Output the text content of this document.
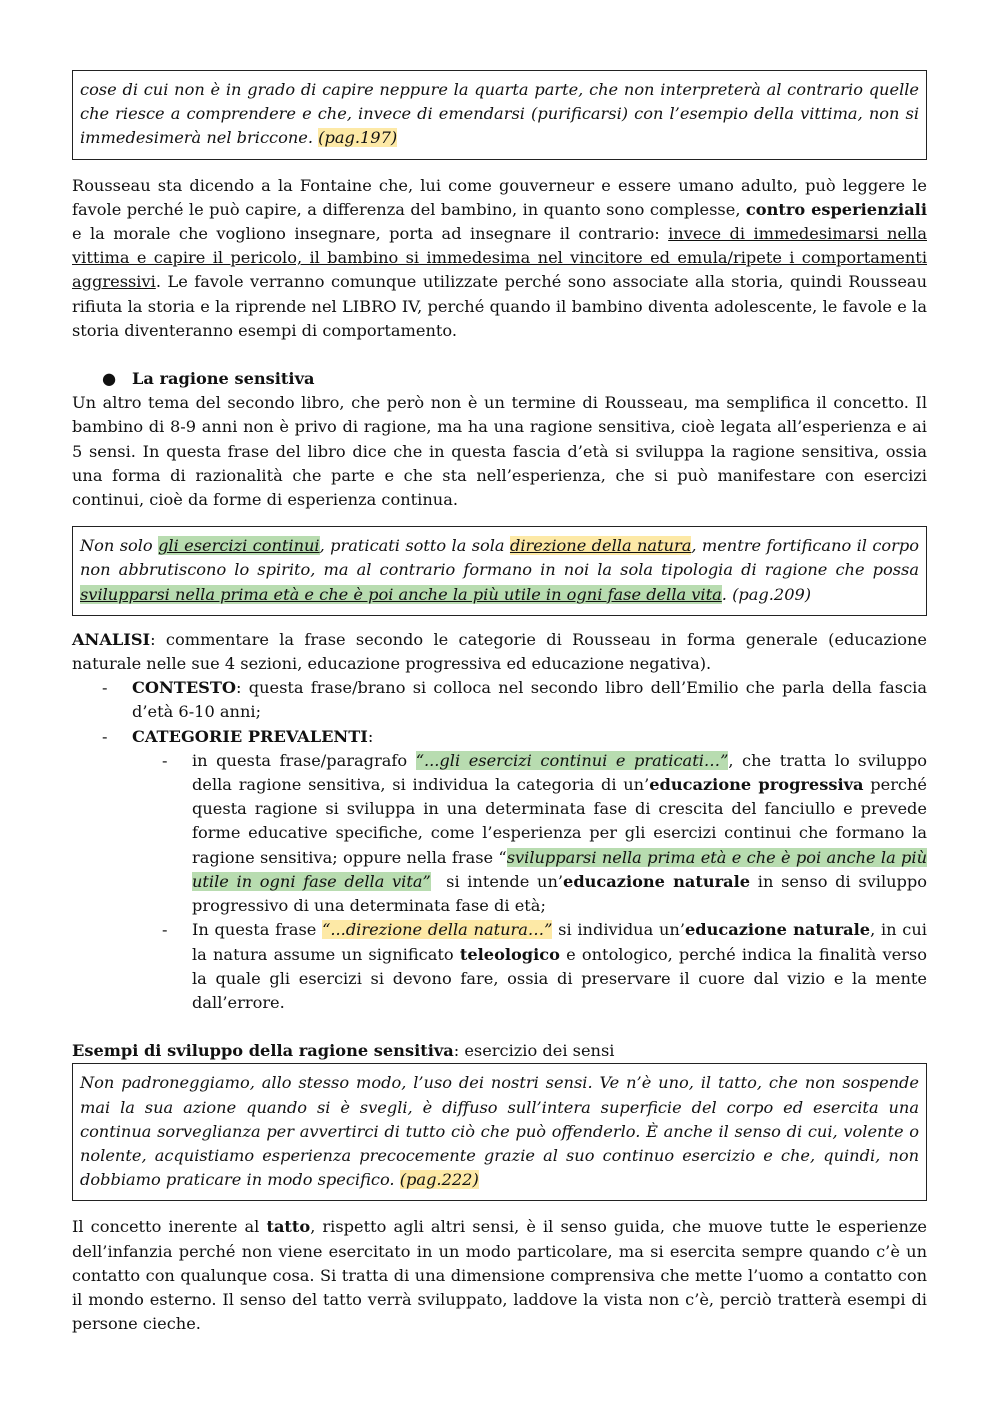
cose di cui non è in grado di capire neppure la quarta parte, che non interpreterà al contrario quelle che riesce a comprendere e che, invece di emendarsi (purificarsi) con l’esempio della vittima, non si immedesimerà nel briccone. (pag.197)

Rousseau sta dicendo a la Fontaine che, lui come gouverneur e essere umano adulto, può leggere le favole perché le può capire, a differenza del bambino, in quanto sono complesse, contro esperienziali e la morale che vogliono insegnare, porta ad insegnare il contrario: invece di immedesimarsi nella vittima e capire il pericolo, il bambino si immedesima nel vincitore ed emula/ripete i comportamenti aggressivi. Le favole verranno comunque utilizzate perché sono associate alla storia, quindi Rousseau rifiuta la storia e la riprende nel LIBRO IV, perché quando il bambino diventa adolescente, le favole e la storia diventeranno esempi di comportamento.

● La ragione sensitiva

Un altro tema del secondo libro, che però non è un termine di Rousseau, ma semplifica il concetto. Il bambino di 8-9 anni non è privo di ragione, ma ha una ragione sensitiva, cioè legata all’esperienza e ai 5 sensi. In questa frase del libro dice che in questa fascia d’età si sviluppa la ragione sensitiva, ossia una forma di razionalità che parte e che sta nell’esperienza, che si può manifestare con esercizi continui, cioè da forme di esperienza continua.

Non solo gli esercizi continui, praticati sotto la sola direzione della natura, mentre fortificano il corpo non abbrutiscono lo spirito, ma al contrario formano in noi la sola tipologia di ragione che possa svilupparsi nella prima età e che è poi anche la più utile in ogni fase della vita. (pag.209)

ANALISI: commentare la frase secondo le categorie di Rousseau in forma generale (educazione naturale nelle sue 4 sezioni, educazione progressiva ed educazione negativa).

- CONTESTO: questa frase/brano si colloca nel secondo libro dell’Emilio che parla della fascia d’età 6-10 anni;
- CATEGORIE PREVALENTI:
- in questa frase/paragrafo “...gli esercizi continui e praticati…”, che tratta lo sviluppo della ragione sensitiva, si individua la categoria di un’educazione progressiva perché questa ragione si sviluppa in una determinata fase di crescita del fanciullo e prevede forme educative specifiche, come l’esperienza per gli esercizi continui che formano la ragione sensitiva; oppure nella frase “svilupparsi nella prima età e che è poi anche la più utile in ogni fase della vita” si intende un’educazione naturale in senso di sviluppo progressivo di una determinata fase di età;
- In questa frase “...direzione della natura…” si individua un’educazione naturale, in cui la natura assume un significato teleologico e ontologico, perché indica la finalità verso la quale gli esercizi si devono fare, ossia di preservare il cuore dal vizio e la mente dall’errore.

Esempi di sviluppo della ragione sensitiva: esercizio dei sensi

Non padroneggiamo, allo stesso modo, l’uso dei nostri sensi. Ve n’è uno, il tatto, che non sospende mai la sua azione quando si è svegli, è diffuso sull’intera superficie del corpo ed esercita una continua sorveglianza per avvertirci di tutto ciò che può offenderlo. È anche il senso di cui, volente o nolente, acquistiamo esperienza precocemente grazie al suo continuo esercizio e che, quindi, non dobbiamo praticare in modo specifico. (pag.222)

Il concetto inerente al tatto, rispetto agli altri sensi, è il senso guida, che muove tutte le esperienze dell’infanzia perché non viene esercitato in un modo particolare, ma si esercita sempre quando c’è un contatto con qualunque cosa. Si tratta di una dimensione comprensiva che mette l’uomo a contatto con il mondo esterno. Il senso del tatto verrà sviluppato, laddove la vista non c’è, perciò tratterà esempi di persone cieche.
